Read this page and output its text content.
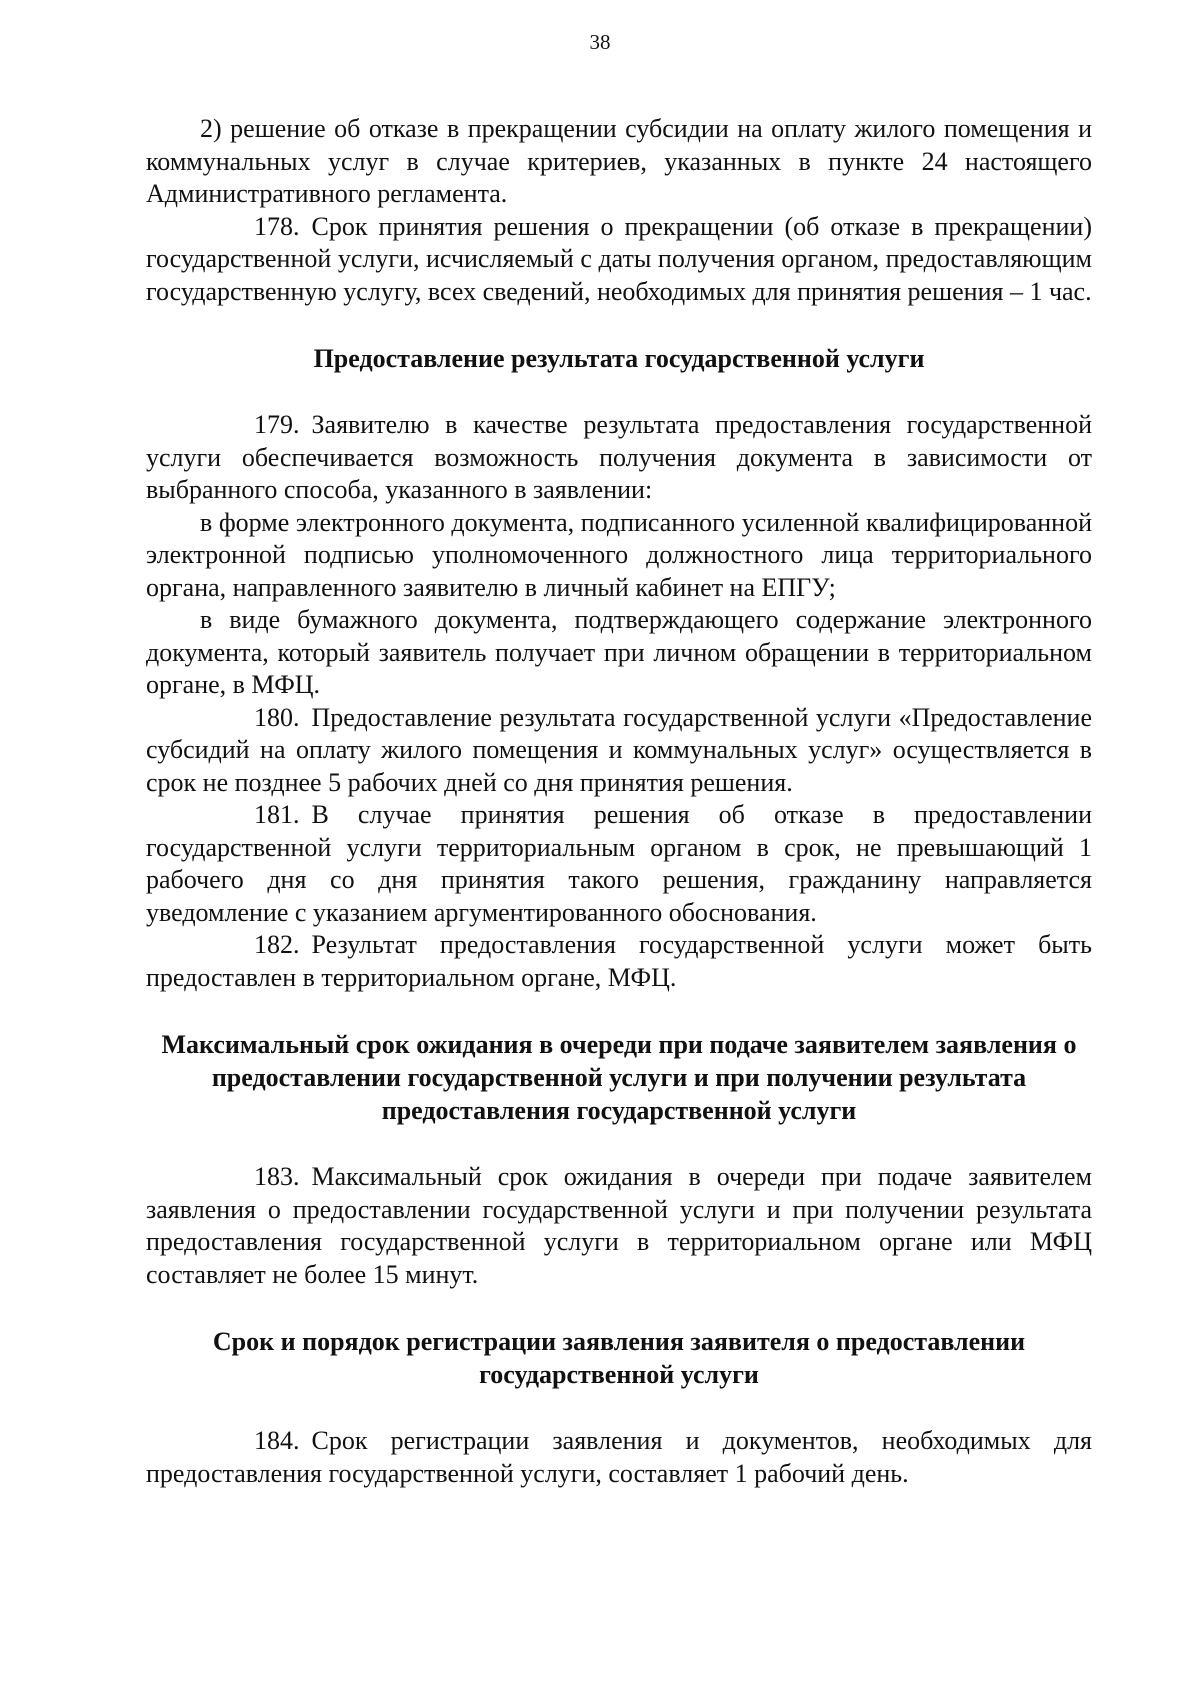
38

2) решение об отказе в прекращении субсидии на оплату жилого помещения и коммунальных услуг в случае критериев, указанных в пункте 24 настоящего Административного регламента.

178. Срок принятия решения о прекращении (об отказе в прекращении) государственной услуги, исчисляемый с даты получения органом, предоставляющим государственную услугу, всех сведений, необходимых для принятия решения – 1 час.

Предоставление результата государственной услуги

179. Заявителю в качестве результата предоставления государственной услуги обеспечивается возможность получения документа в зависимости от выбранного способа, указанного в заявлении:

в форме электронного документа, подписанного усиленной квалифицированной электронной подписью уполномоченного должностного лица территориального органа, направленного заявителю в личный кабинет на ЕПГУ;

в виде бумажного документа, подтверждающего содержание электронного документа, который заявитель получает при личном обращении в территориальном органе, в МФЦ.

180. Предоставление результата государственной услуги «Предоставление субсидий на оплату жилого помещения и коммунальных услуг» осуществляется в срок не позднее 5 рабочих дней со дня принятия решения.

181. В случае принятия решения об отказе в предоставлении государственной услуги территориальным органом в срок, не превышающий 1 рабочего дня со дня принятия такого решения, гражданину направляется уведомление с указанием аргументированного обоснования.

182. Результат предоставления государственной услуги может быть предоставлен в территориальном органе, МФЦ.

Максимальный срок ожидания в очереди при подаче заявителем заявления о предоставлении государственной услуги и при получении результата предоставления государственной услуги

183. Максимальный срок ожидания в очереди при подаче заявителем заявления о предоставлении государственной услуги и при получении результата предоставления государственной услуги в территориальном органе или МФЦ составляет не более 15 минут.

Срок и порядок регистрации заявления заявителя о предоставлении государственной услуги

184. Срок регистрации заявления и документов, необходимых для предоставления государственной услуги, составляет 1 рабочий день.
